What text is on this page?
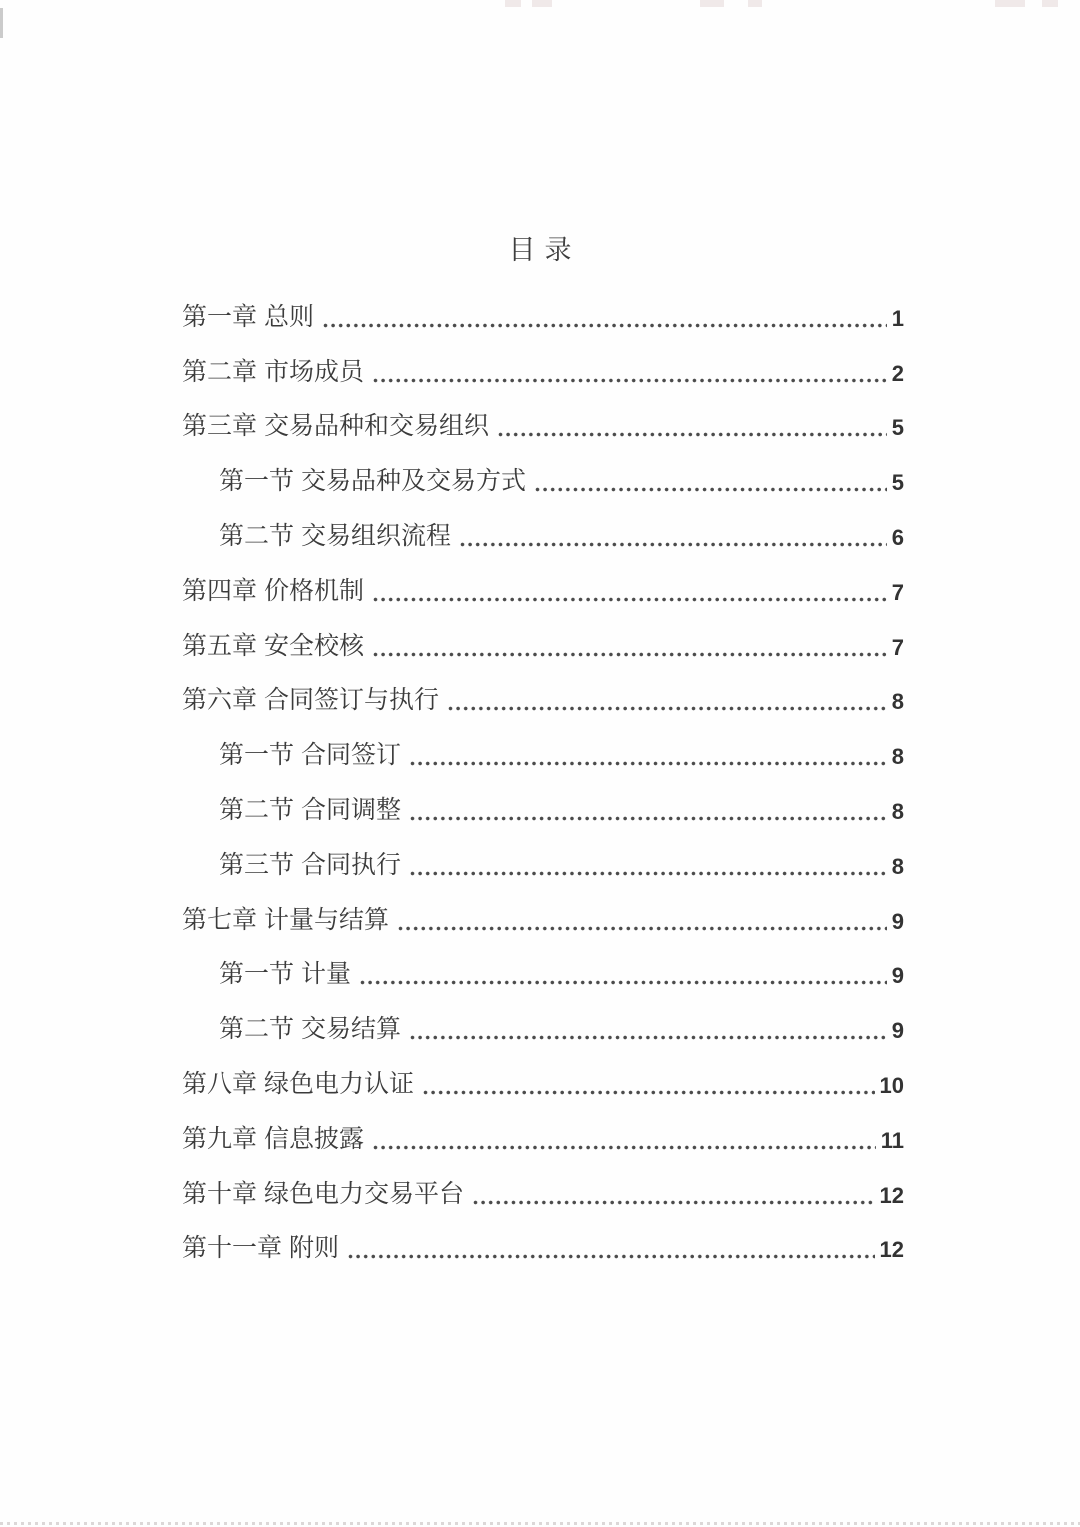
目录
第一章 总则	1
第二章 市场成员	2
第三章 交易品种和交易组织	5
第一节 交易品种及交易方式	5
第二节 交易组织流程	6
第四章 价格机制	7
第五章 安全校核	7
第六章 合同签订与执行	8
第一节 合同签订	8
第二节 合同调整	8
第三节 合同执行	8
第七章 计量与结算	9
第一节 计量	9
第二节 交易结算	9
第八章 绿色电力认证	10
第九章 信息披露	11
第十章 绿色电力交易平台	12
第十一章 附则	12
